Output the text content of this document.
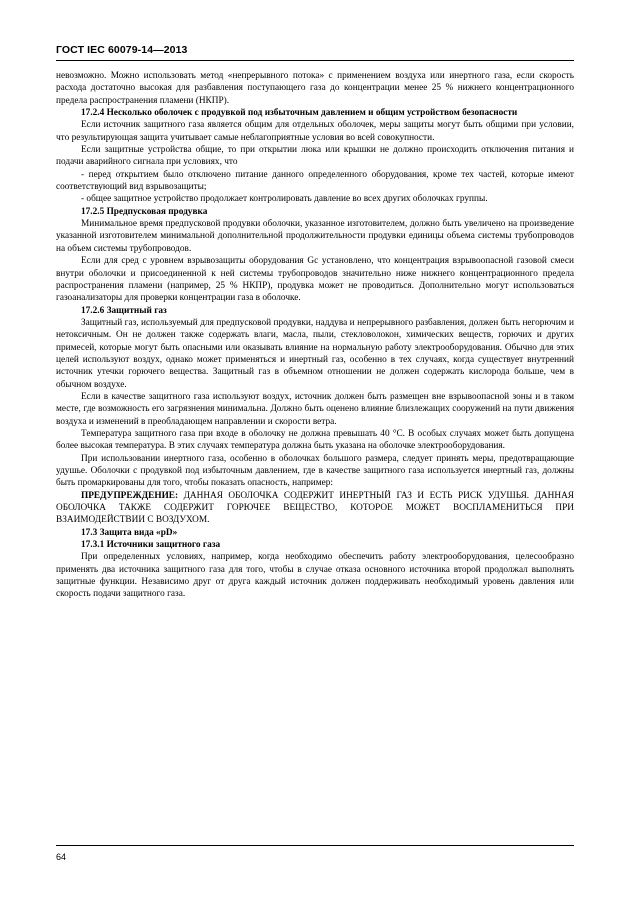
ГОСТ IEC 60079-14—2013

невозможно. Можно использовать метод «непрерывного потока» с применением воздуха или инертного газа, если скорость расхода достаточно высокая для разбавления поступающего газа до концентрации менее 25 % нижнего концентрационного предела распространения пламени (НКПР).

17.2.4 Несколько оболочек с продувкой под избыточным давлением и общим устройством безопасности

Если источник защитного газа является общим для отдельных оболочек, меры защиты могут быть общими при условии, что результирующая защита учитывает самые неблагоприятные условия во всей совокупности.

Если защитные устройства общие, то при открытии люка или крышки не должно происходить отключения питания и подачи аварийного сигнала при условиях, что

- перед открытием было отключено питание данного определенного оборудования, кроме тех частей, которые имеют соответствующий вид взрывозащиты;

- общее защитное устройство продолжает контролировать давление во всех других оболочках группы.

17.2.5 Предпусковая продувка

Минимальное время предпусковой продувки оболочки, указанное изготовителем, должно быть увеличено на произведение указанной изготовителем минимальной дополнительной продолжительности продувки единицы объема системы трубопроводов на объем системы трубопроводов.

Если для сред с уровнем взрывозащиты оборудования Gc установлено, что концентрация взрывоопасной газовой смеси внутри оболочки и присоединенной к ней системы трубопроводов значительно ниже нижнего концентрационного предела распространения пламени (например, 25 % НКПР), продувка может не проводиться. Дополнительно могут использоваться газоанализаторы для проверки концентрации газа в оболочке.

17.2.6 Защитный газ

Защитный газ, используемый для предпусковой продувки, наддува и непрерывного разбавления, должен быть негорючим и нетоксичным. Он не должен также содержать влаги, масла, пыли, стекловолокон, химических веществ, горючих и других примесей, которые могут быть опасными или оказывать влияние на нормальную работу электрооборудования. Обычно для этих целей используют воздух, однако может применяться и инертный газ, особенно в тех случаях, когда существует внутренний источник утечки горючего вещества. Защитный газ в объемном отношении не должен содержать кислорода больше, чем в обычном воздухе.

Если в качестве защитного газа используют воздух, источник должен быть размещен вне взрывоопасной зоны и в таком месте, где возможность его загрязнения минимальна. Должно быть оценено влияние близлежащих сооружений на пути движения воздуха и изменений в преобладающем направлении и скорости ветра.

Температура защитного газа при входе в оболочку не должна превышать 40 °С. В особых случаях может быть допущена более высокая температура. В этих случаях температура должна быть указана на оболочке электрооборудования.

При использовании инертного газа, особенно в оболочках большого размера, следует принять меры, предотвращающие удушье. Оболочки с продувкой под избыточным давлением, где в качестве защитного газа используется инертный газ, должны быть промаркированы для того, чтобы показать опасность, например:

ПРЕДУПРЕЖДЕНИЕ: ДАННАЯ ОБОЛОЧКА СОДЕРЖИТ ИНЕРТНЫЙ ГАЗ И ЕСТЬ РИСК УДУШЬЯ. ДАННАЯ ОБОЛОЧКА ТАКЖЕ СОДЕРЖИТ ГОРЮЧЕЕ ВЕЩЕСТВО, КОТОРОЕ МОЖЕТ ВОСПЛАМЕНИТЬСЯ ПРИ ВЗАИМОДЕЙСТВИИ С ВОЗДУХОМ.

17.3 Защита вида «pD»

17.3.1 Источники защитного газа

При определенных условиях, например, когда необходимо обеспечить работу электрооборудования, целесообразно применять два источника защитного газа для того, чтобы в случае отказа основного источника второй продолжал выполнять защитные функции. Независимо друг от друга каждый источник должен поддерживать необходимый уровень давления или скорость подачи защитного газа.

64
